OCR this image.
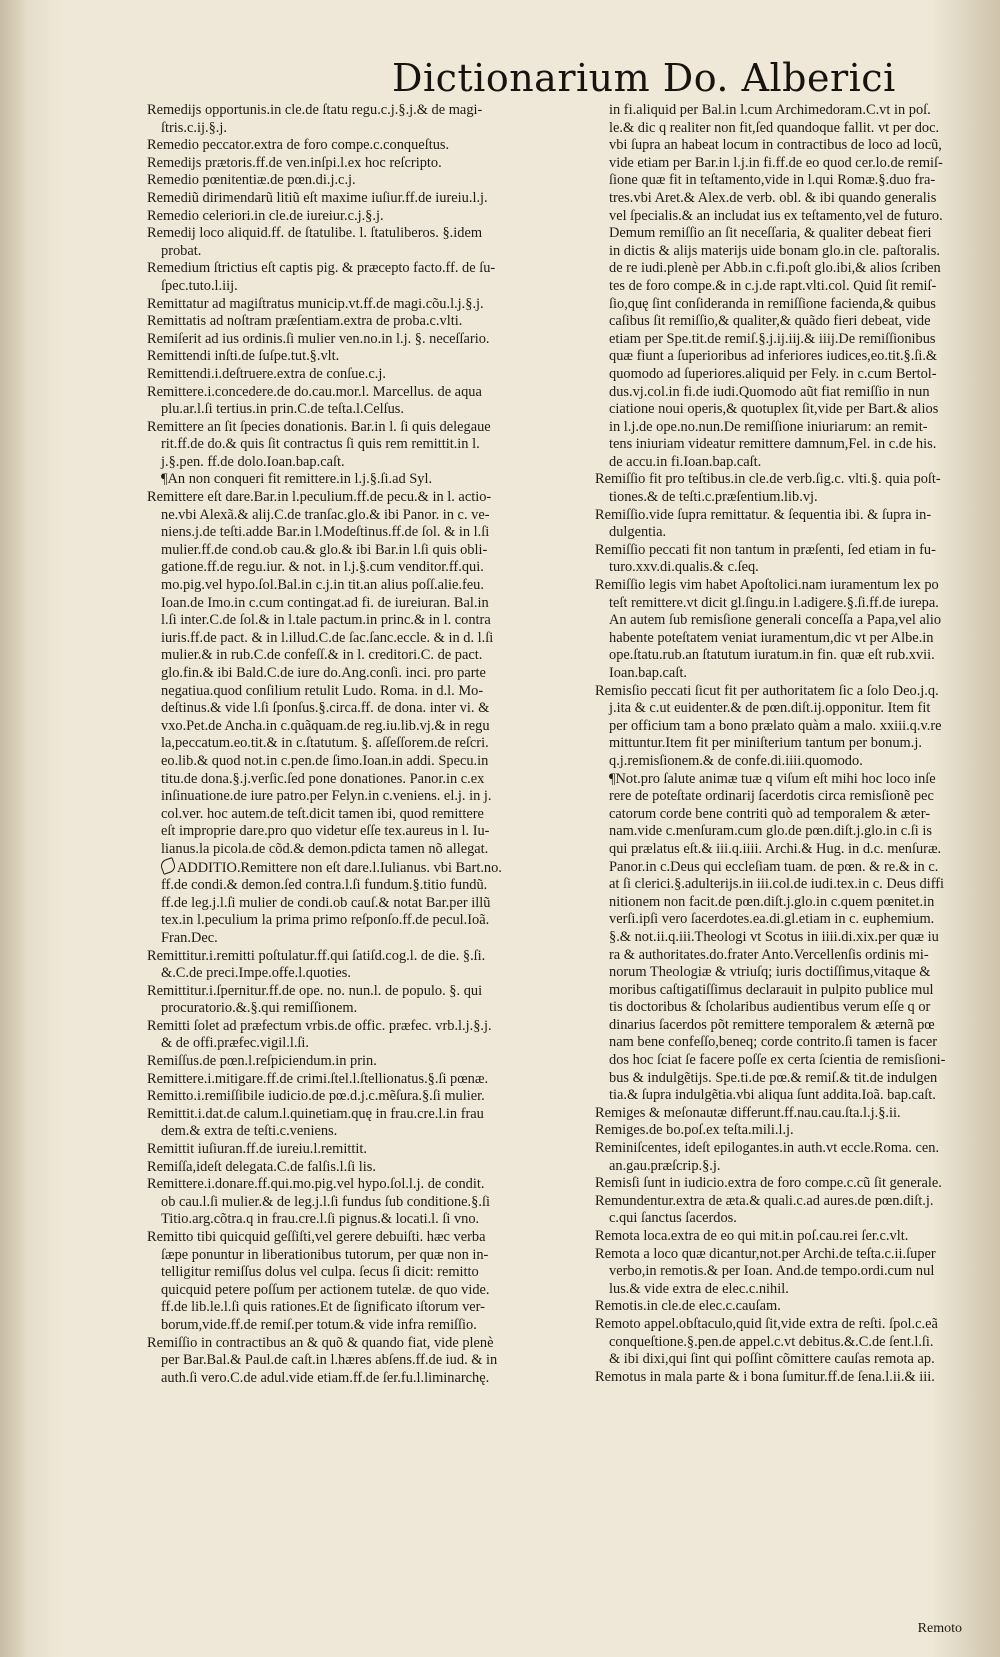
Dictionarium Do. Alberici

Remedijs opportunis.in cle.de ſtatu regu.c.j.§.j.& de magi-

ſtris.c.ij.§.j.

Remedio peccator.extra de foro compe.c.conqueſtus.

Remedijs prætoris.ff.de ven.inſpi.l.ex hoc reſcripto.

Remedio pœnitentiæ.de pœn.di.j.c.j.

Remediũ dirimendarũ litiũ eſt maxime iuſiur.ff.de iureiu.l.j.

Remedio celeriori.in cle.de iureiur.c.j.§.j.

Remedij loco aliquid.ff. de ſtatulibe. l. ſtatuliberos. §.idem

probat.

Remedium ſtrictius eſt captis pig. & præcepto facto.ff. de ſu-

ſpec.tuto.l.iij.

Remittatur ad magiſtratus municip.vt.ff.de magi.cõu.l.j.§.j.

Remittatis ad noſtram præſentiam.extra de proba.c.vlti.

Remiſerit ad ius ordinis.ſi mulier ven.no.in l.j. §. neceſſario.

Remittendi inſti.de ſuſpe.tut.§.vlt.

Remittendi.i.deſtruere.extra de conſue.c.j.

Remittere.i.concedere.de do.cau.mor.l. Marcellus. de aqua

plu.ar.l.ſi tertius.in prin.C.de teſta.l.Celſus.

Remittere an ſit ſpecies donationis. Bar.in l. ſi quis delegaue

rit.ff.de do.& quis ſit contractus ſi quis rem remittit.in l.

j.§.pen. ff.de dolo.Ioan.bap.caſt.

¶An non conqueri fit remittere.in l.j.§.ſi.ad Syl.

Remittere eſt dare.Bar.in l.peculium.ff.de pecu.& in l. actio-

ne.vbi Alexã.& alij.C.de tranſac.glo.& ibi Panor. in c. ve-

niens.j.de teſti.adde Bar.in l.Modeſtinus.ff.de ſol. & in l.ſi

mulier.ff.de cond.ob cau.& glo.& ibi Bar.in l.ſi quis obli-

gatione.ff.de regu.iur. & not. in l.j.§.cum venditor.ff.qui.

mo.pig.vel hypo.ſol.Bal.in c.j.in tit.an alius poſſ.alie.feu.

Ioan.de Imo.in c.cum contingat.ad fi. de iureiuran. Bal.in

l.ſi inter.C.de ſol.& in l.tale pactum.in princ.& in l. contra

iuris.ff.de pact. & in l.illud.C.de ſac.ſanc.eccle. & in d. l.ſi

mulier.& in rub.C.de confeſſ.& in l. creditori.C. de pact.

glo.fin.& ibi Bald.C.de iure do.Ang.conſi. inci. pro parte

negatiua.quod conſilium retulit Ludo. Roma. in d.l. Mo-

deſtinus.& vide l.ſi ſponſus.§.circa.ff. de dona. inter vi. &

vxo.Pet.de Ancha.in c.quãquam.de reg.iu.lib.vj.& in regu

la,peccatum.eo.tit.& in c.ſtatutum. §. aſſeſſorem.de reſcri.

eo.lib.& quod not.in c.pen.de ſimo.Ioan.in addi. Specu.in

titu.de dona.§.j.verſic.ſed pone donationes. Panor.in c.ex

inſinuatione.de iure patro.per Felyn.in c.veniens. el.j. in j.

col.ver. hoc autem.de teſt.dicit tamen ibi, quod remittere

eſt improprie dare.pro quo videtur eſſe tex.aureus in l. Iu-

lianus.la picola.de cõd.& demon.pdicta tamen nõ allegat.

ADDITIO.Remittere non eſt dare.l.Iulianus. vbi Bart.no.

ff.de condi.& demon.ſed contra.l.ſi fundum.§.titio fundũ.

ff.de leg.j.l.ſi mulier de condi.ob cauſ.& notat Bar.per illũ

tex.in l.peculium la prima primo reſponſo.ff.de pecul.Ioã.

Fran.Dec.

Remittitur.i.remitti poſtulatur.ff.qui ſatiſd.cog.l. de die. §.ſi.

&.C.de preci.Impe.offe.l.quoties.

Remittitur.i.ſpernitur.ff.de ope. no. nun.l. de populo. §. qui

procuratorio.&.§.qui remiſſionem.

Remitti ſolet ad præfectum vrbis.de offic. præfec. vrb.l.j.§.j.

& de offi.præfec.vigil.l.ſi.

Remiſſus.de pœn.l.reſpiciendum.in prin.

Remittere.i.mitigare.ff.de crimi.ſtel.l.ſtellionatus.§.ſi pœnæ.

Remitto.i.remiſſibile iudicio.de pœ.d.j.c.mẽſura.§.ſi mulier.

Remittit.i.dat.de calum.l.quinetiam.quę in frau.cre.l.in frau

dem.& extra de teſti.c.veniens.

Remittit iuſiuran.ff.de iureiu.l.remittit.

Remiſſa,ideſt delegata.C.de falſis.l.ſi lis.

Remittere.i.donare.ff.qui.mo.pig.vel hypo.ſol.l.j. de condit.

ob cau.l.ſi mulier.& de leg.j.l.ſi fundus ſub conditione.§.ſi

Titio.arg.cõtra.q in frau.cre.l.ſi pignus.& locati.l. ſi vno.

Remitto tibi quicquid geſſiſti,vel gerere debuiſti. hæc verba

ſæpe ponuntur in liberationibus tutorum, per quæ non in-

telligitur remiſſus dolus vel culpa. ſecus ſi dicit: remitto

quicquid petere poſſum per actionem tutelæ. de quo vide.

ff.de lib.le.l.ſi quis rationes.Et de ſignificato iſtorum ver-

borum,vide.ff.de remiſ.per totum.& vide infra remiſſio.

Remiſſio in contractibus an & quõ & quando fiat, vide plenè

per Bar.Bal.& Paul.de caſt.in l.hæres abſens.ff.de iud. & in

auth.ſi vero.C.de adul.vide etiam.ff.de ſer.fu.l.liminarchę.

in fi.aliquid per Bal.in l.cum Archimedoram.C.vt in poſ.

le.& dic q realiter non fit,ſed quandoque fallit. vt per doc.

vbi ſupra an habeat locum in contractibus de loco ad locũ,

vide etiam per Bar.in l.j.in fi.ff.de eo quod cer.lo.de remiſ-

ſione quæ fit in teſtamento,vide in l.qui Romæ.§.duo fra-

tres.vbi Aret.& Alex.de verb. obl. & ibi quando generalis

vel ſpecialis.& an includat ius ex teſtamento,vel de futuro.

Demum remiſſio an ſit neceſſaria, & qualiter debeat fieri

in dictis & alijs materijs uide bonam glo.in cle. paſtoralis.

de re iudi.plenè per Abb.in c.fi.poſt glo.ibi,& alios ſcriben

tes de foro compe.& in c.j.de rapt.vlti.col. Quid ſit remiſ-

ſio,quę ſint conſideranda in remiſſione facienda,& quibus

caſibus ſit remiſſio,& qualiter,& quãdo fieri debeat, vide

etiam per Spe.tit.de remiſ.§.j.ij.iij.& iiij.De remiſſionibus

quæ fiunt a ſuperioribus ad inferiores iudices,eo.tit.§.ſi.&

quomodo ad ſuperiores.aliquid per Fely. in c.cum Bertol-

dus.vj.col.in fi.de iudi.Quomodo aũt fiat remiſſio in nun

ciatione noui operis,& quotuplex ſit,vide per Bart.& alios

in l.j.de ope.no.nun.De remiſſione iniuriarum: an remit-

tens iniuriam videatur remittere damnum,Fel. in c.de his.

de accu.in fi.Ioan.bap.caſt.

Remiſſio fit pro teſtibus.in cle.de verb.ſig.c. vlti.§. quia poſt-

tiones.& de teſti.c.præſentium.lib.vj.

Remiſſio.vide ſupra remittatur. & ſequentia ibi. & ſupra in-

dulgentia.

Remiſſio peccati fit non tantum in præſenti, ſed etiam in fu-

turo.xxv.di.qualis.& c.ſeq.

Remiſſio legis vim habet Apoſtolici.nam iuramentum lex po

teſt remittere.vt dicit gl.ſingu.in l.adigere.§.ſi.ff.de iurepa.

An autem ſub remisſione generali conceſſa a Papa,vel alio

habente poteſtatem veniat iuramentum,dic vt per Albe.in

ope.ſtatu.rub.an ſtatutum iuratum.in fin. quæ eſt rub.xvii.

Ioan.bap.caſt.

Remisſio peccati ſicut fit per authoritatem ſic a ſolo Deo.j.q.

j.ita & c.ut euidenter.& de pœn.diſt.ij.opponitur. Item fit

per officium tam a bono prælato quàm a malo. xxiii.q.v.re

mittuntur.Item fit per miniſterium tantum per bonum.j.

q.j.remisſionem.& de confe.di.iiii.quomodo.

¶Not.pro ſalute animæ tuæ q viſum eſt mihi hoc loco inſe

rere de poteſtate ordinarij ſacerdotis circa remisſionẽ pec

catorum corde bene contriti quò ad temporalem & æter-

nam.vide c.menſuram.cum glo.de pœn.diſt.j.glo.in c.ſi is

qui prælatus eſt.& iii.q.iiii. Archi.& Hug. in d.c. menſuræ.

Panor.in c.Deus qui eccleſiam tuam. de pœn. & re.& in c.

at ſi clerici.§.adulterijs.in iii.col.de iudi.tex.in c. Deus diffi

nitionem non facit.de pœn.diſt.j.glo.in c.quem pœnitet.in

verſi.ipſi vero ſacerdotes.ea.di.gl.etiam in c. euphemium.

§.& not.ii.q.iii.Theologi vt Scotus in iiii.di.xix.per quæ iu

ra & authoritates.do.frater Anto.Vercellenſis ordinis mi-

norum Theologiæ & vtriuſq; iuris doctiſſimus,vitaque &

moribus caſtigatiſſimus declarauit in pulpito publice mul

tis doctoribus & ſcholaribus audientibus verum eſſe q or

dinarius ſacerdos põt remittere temporalem & æternã pœ

nam bene confeſſo,beneq; corde contrito.ſi tamen is facer

dos hoc ſciat ſe facere poſſe ex certa ſcientia de remisſioni-

bus & indulgẽtijs. Spe.ti.de pœ.& remiſ.& tit.de indulgen

tia.& ſupra indulgẽtia.vbi aliqua ſunt addita.Ioã. bap.caſt.

Remiges & meſonautæ differunt.ff.nau.cau.ſta.l.j.§.ii.

Remiges.de bo.poſ.ex teſta.mili.l.j.

Reminiſcentes, ideſt epilogantes.in auth.vt eccle.Roma. cen.

an.gau.præſcrip.§.j.

Remisſi ſunt in iudicio.extra de foro compe.c.cũ ſit generale.

Remundentur.extra de æta.& quali.c.ad aures.de pœn.diſt.j.

c.qui ſanctus ſacerdos.

Remota loca.extra de eo qui mit.in poſ.cau.rei ſer.c.vlt.

Remota a loco quæ dicantur,not.per Archi.de teſta.c.ii.ſuper

verbo,in remotis.& per Ioan. And.de tempo.ordi.cum nul

lus.& vide extra de elec.c.nihil.

Remotis.in cle.de elec.c.cauſam.

Remoto appel.obſtaculo,quid ſit,vide extra de reſti. ſpol.c.eã

conqueſtione.§.pen.de appel.c.vt debitus.&.C.de ſent.l.ſi.

& ibi dixi,qui ſint qui poſſint cõmittere cauſas remota ap.

Remotus in mala parte & i bona ſumitur.ff.de ſena.l.ii.& iii.

Remoto
